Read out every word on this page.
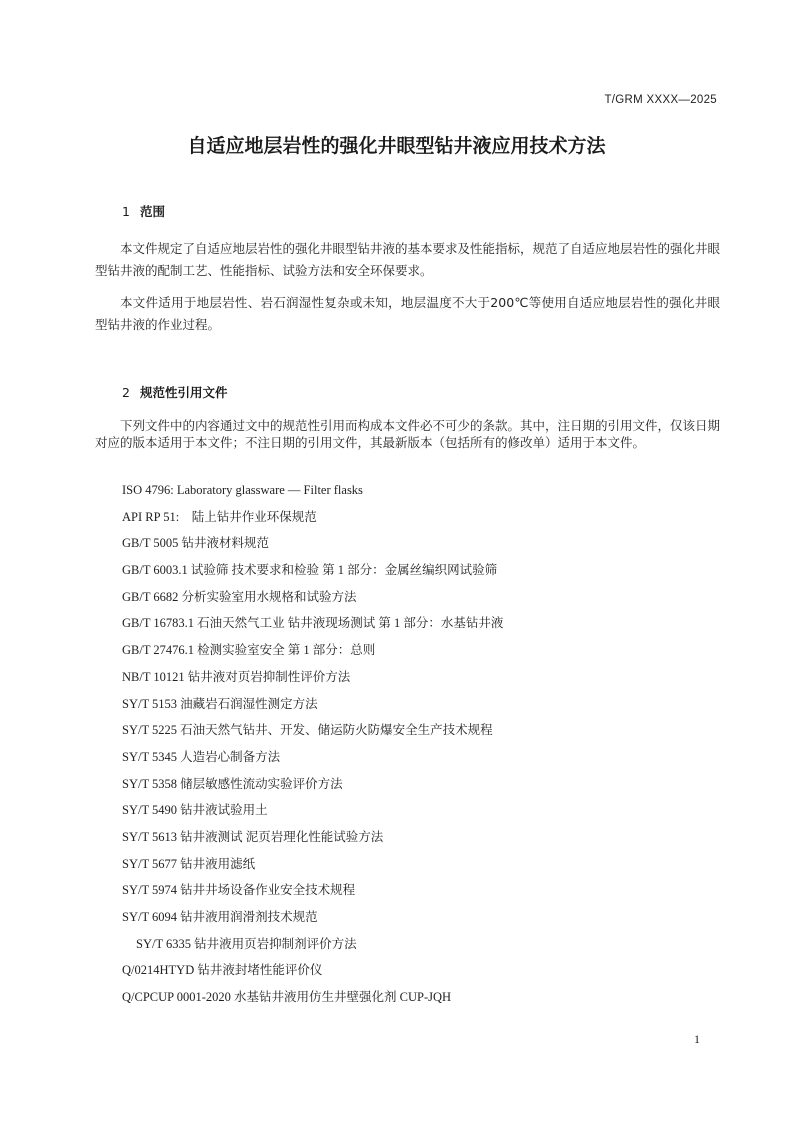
T/GRM XXXX—2025

自适应地层岩性的强化井眼型钻井液应用技术方法
1 范围

本文件规定了自适应地层岩性的强化井眼型钻井液的基本要求及性能指标，规范了自适应地层岩性的强化井眼型钻井液的配制工艺、性能指标、试验方法和安全环保要求。

本文件适用于地层岩性、岩石润湿性复杂或未知，地层温度不大于200℃等使用自适应地层岩性的强化井眼型钻井液的作业过程。

2 规范性引用文件

下列文件中的内容通过文中的规范性引用而构成本文件必不可少的条款。其中，注日期的引用文件，仅该日期对应的版本适用于本文件；不注日期的引用文件，其最新版本（包括所有的修改单）适用于本文件。

ISO 4796: Laboratory glassware — Filter flasks
API RP 51:　陆上钻井作业环保规范
GB/T 5005 钻井液材料规范
GB/T 6003.1 试验筛 技术要求和检验 第 1 部分：金属丝编织网试验筛
GB/T 6682 分析实验室用水规格和试验方法
GB/T 16783.1 石油天然气工业 钻井液现场测试 第 1 部分：水基钻井液
GB/T 27476.1 检测实验室安全 第 1 部分：总则
NB/T 10121 钻井液对页岩抑制性评价方法
SY/T 5153 油藏岩石润湿性测定方法
SY/T 5225 石油天然气钻井、开发、储运防火防爆安全生产技术规程
SY/T 5345 人造岩心制备方法
SY/T 5358 储层敏感性流动实验评价方法
SY/T 5490 钻井液试验用土
SY/T 5613 钻井液测试 泥页岩理化性能试验方法
SY/T 5677 钻井液用滤纸
SY/T 5974 钻井井场设备作业安全技术规程
SY/T 6094 钻井液用润滑剂技术规范
SY/T 6335 钻井液用页岩抑制剂评价方法
Q/0214HTYD 钻井液封堵性能评价仪
Q/CPCUP 0001-2020 水基钻井液用仿生井壁强化剂 CUP-JQH

1
